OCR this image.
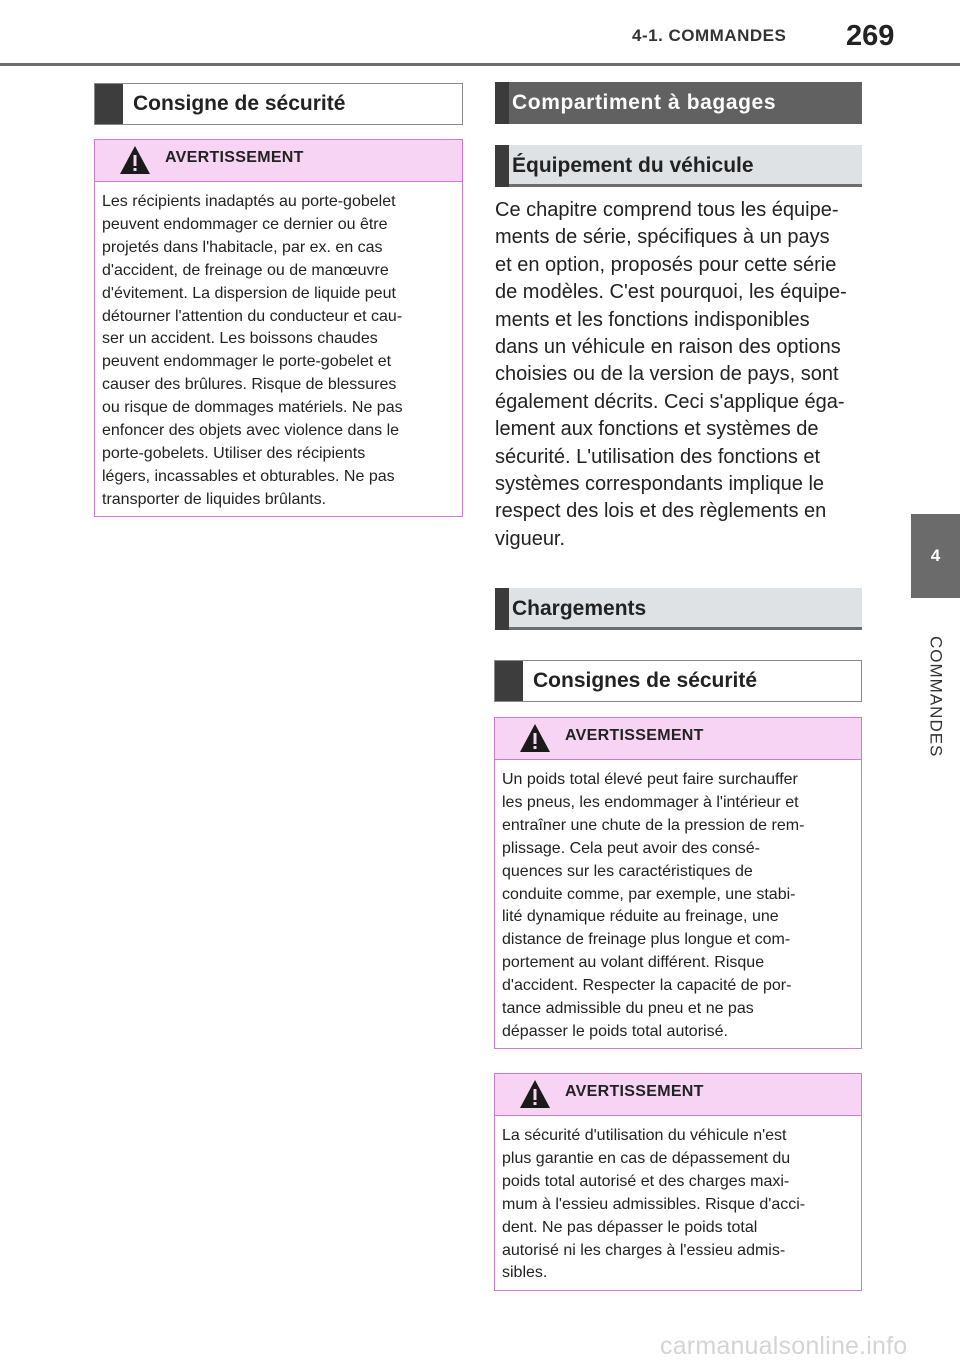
4-1. COMMANDES 269
4
COMMANDES
Consigne de sécurité
AVERTISSEMENT
Les récipients inadaptés au porte-gobelet
peuvent endommager ce dernier ou être
projetés dans l'habitacle, par ex. en cas
d'accident, de freinage ou de manœuvre
d'évitement. La dispersion de liquide peut
détourner l'attention du conducteur et cau-
ser un accident. Les boissons chaudes
peuvent endommager le porte-gobelet et
causer des brûlures. Risque de blessures
ou risque de dommages matériels. Ne pas
enfoncer des objets avec violence dans le
porte-gobelets. Utiliser des récipients
légers, incassables et obturables. Ne pas
transporter de liquides brûlants.
Compartiment à bagages
Équipement du véhicule
Ce chapitre comprend tous les équipe-
ments de série, spécifiques à un pays
et en option, proposés pour cette série
de modèles. C'est pourquoi, les équipe-
ments et les fonctions indisponibles
dans un véhicule en raison des options
choisies ou de la version de pays, sont
également décrits. Ceci s'applique éga-
lement aux fonctions et systèmes de
sécurité. L'utilisation des fonctions et
systèmes correspondants implique le
respect des lois et des règlements en
vigueur.
Chargements
Consignes de sécurité
AVERTISSEMENT
Un poids total élevé peut faire surchauffer
les pneus, les endommager à l'intérieur et
entraîner une chute de la pression de rem-
plissage. Cela peut avoir des consé-
quences sur les caractéristiques de
conduite comme, par exemple, une stabi-
lité dynamique réduite au freinage, une
distance de freinage plus longue et com-
portement au volant différent. Risque
d'accident. Respecter la capacité de por-
tance admissible du pneu et ne pas
dépasser le poids total autorisé.
AVERTISSEMENT
La sécurité d'utilisation du véhicule n'est
plus garantie en cas de dépassement du
poids total autorisé et des charges maxi-
mum à l'essieu admissibles. Risque d'acci-
dent. Ne pas dépasser le poids total
autorisé ni les charges à l'essieu admis-
sibles.
carmanualsonline.info
